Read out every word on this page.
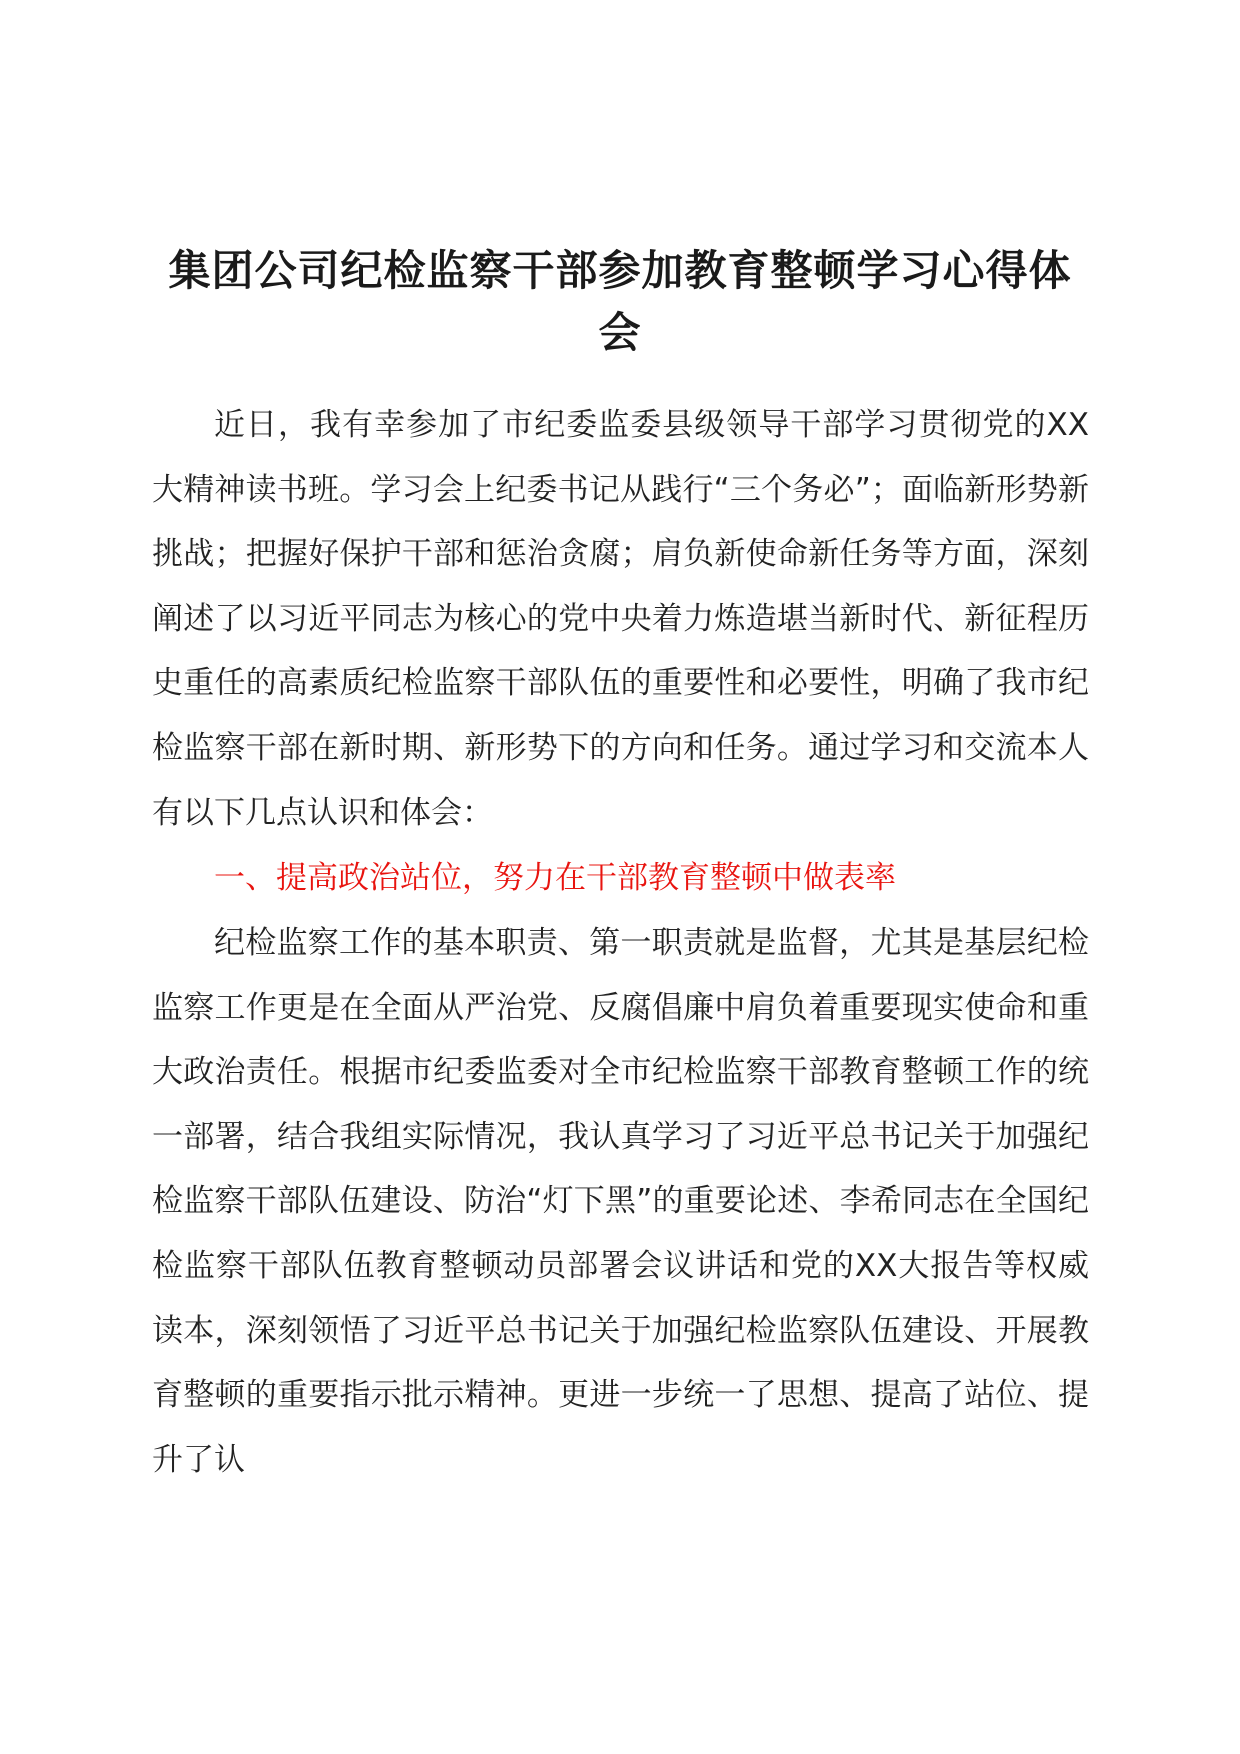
集团公司纪检监察干部参加教育整顿学习心得体会

近日，我有幸参加了市纪委监委县级领导干部学习贯彻党的XX大精神读书班。学习会上纪委书记从践行“三个务必”；面临新形势新挑战；把握好保护干部和惩治贪腐；肩负新使命新任务等方面，深刻阐述了以习近平同志为核心的党中央着力炼造堪当新时代、新征程历史重任的高素质纪检监察干部队伍的重要性和必要性，明确了我市纪检监察干部在新时期、新形势下的方向和任务。通过学习和交流本人有以下几点认识和体会：

一、提高政治站位，努力在干部教育整顿中做表率

纪检监察工作的基本职责、第一职责就是监督，尤其是基层纪检监察工作更是在全面从严治党、反腐倡廉中肩负着重要现实使命和重大政治责任。根据市纪委监委对全市纪检监察干部教育整顿工作的统一部署，结合我组实际情况，我认真学习了习近平总书记关于加强纪检监察干部队伍建设、防治“灯下黑”的重要论述、李希同志在全国纪检监察干部队伍教育整顿动员部署会议讲话和党的XX大报告等权威读本，深刻领悟了习近平总书记关于加强纪检监察队伍建设、开展教育整顿的重要指示批示精神。更进一步统一了思想、提高了站位、提升了认
